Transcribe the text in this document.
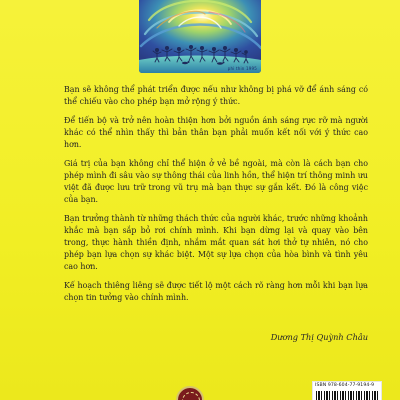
phi thin 1995

Bạn sẽ không thể phát triển được nếu như không bị phá vỡ để ánh sáng có thể chiếu vào cho phép bạn mở rộng ý thức.

Để tiến bộ và trở nên hoàn thiện hơn bởi nguồn ánh sáng rực rỡ mà người khác có thể nhìn thấy thì bản thân bạn phải muốn kết nối với ý thức cao hơn.

Giá trị của bạn không chỉ thể hiện ở vẻ bề ngoài, mà còn là cách bạn cho phép mình đi sâu vào sự thông thái của linh hồn, thể hiện trí thông minh ưu việt đã được lưu trữ trong vũ trụ mà bạn thực sự gắn kết. Đó là công việc của bạn.

Bạn trưởng thành từ những thách thức của người khác, trước những khoảnh khắc mà bạn sắp bỏ rơi chính mình. Khi bạn dừng lại và quay vào bên trong, thực hành thiền định, nhắm mắt quan sát hơi thở tự nhiên, nó cho phép bạn lựa chọn sự khác biệt. Một sự lựa chọn của hòa bình và tình yêu cao hơn.

Kế hoạch thiêng liêng sẽ được tiết lộ một cách rõ ràng hơn mỗi khi bạn lựa chọn tin tưởng vào chính mình.

Dương Thị Quỳnh Châu
ISBN 978-604-77-9194-9
